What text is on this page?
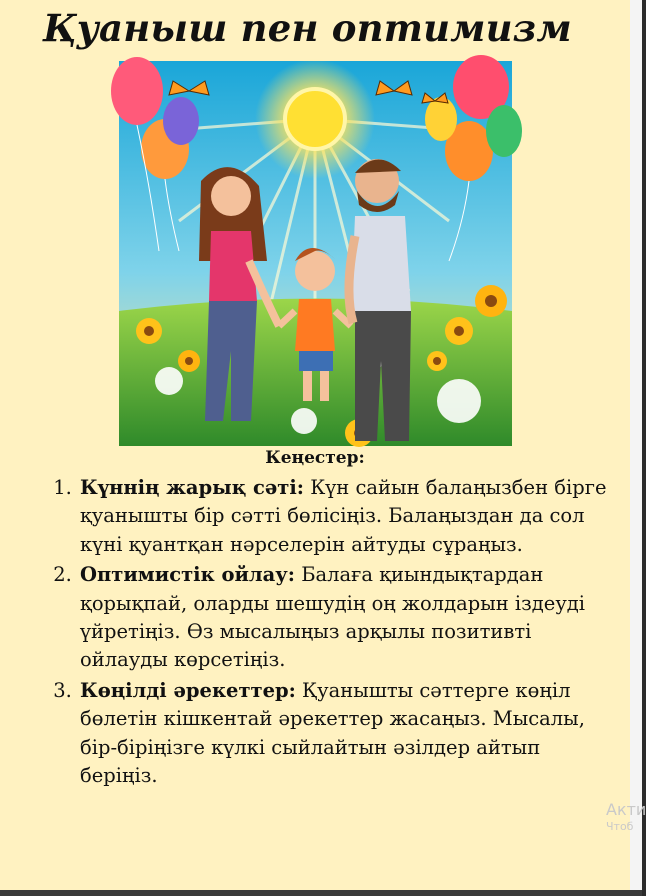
Қуаныш пен оптимизм
Кеңестер:
1. Күннің жарық сәті: Күн сайын балаңызбен бірге қуанышты бір сәтті бөлісіңіз. Балаңыздан да сол күні қуантқан нәрселерін айтуды сұраңыз.
2. Оптимистік ойлау: Балаға қиындықтардан қорықпай, оларды шешудің оң жолдарын іздеуді үйретіңіз. Өз мысалыңыз арқылы позитивті ойлауды көрсетіңіз.
3. Көңілді әрекеттер: Қуанышты сәттерге көңіл бөлетін кішкентай әрекеттер жасаңыз. Мысалы, бір-біріңізге күлкі сыйлайтын әзілдер айтып беріңіз.
Акти
Чтоб
